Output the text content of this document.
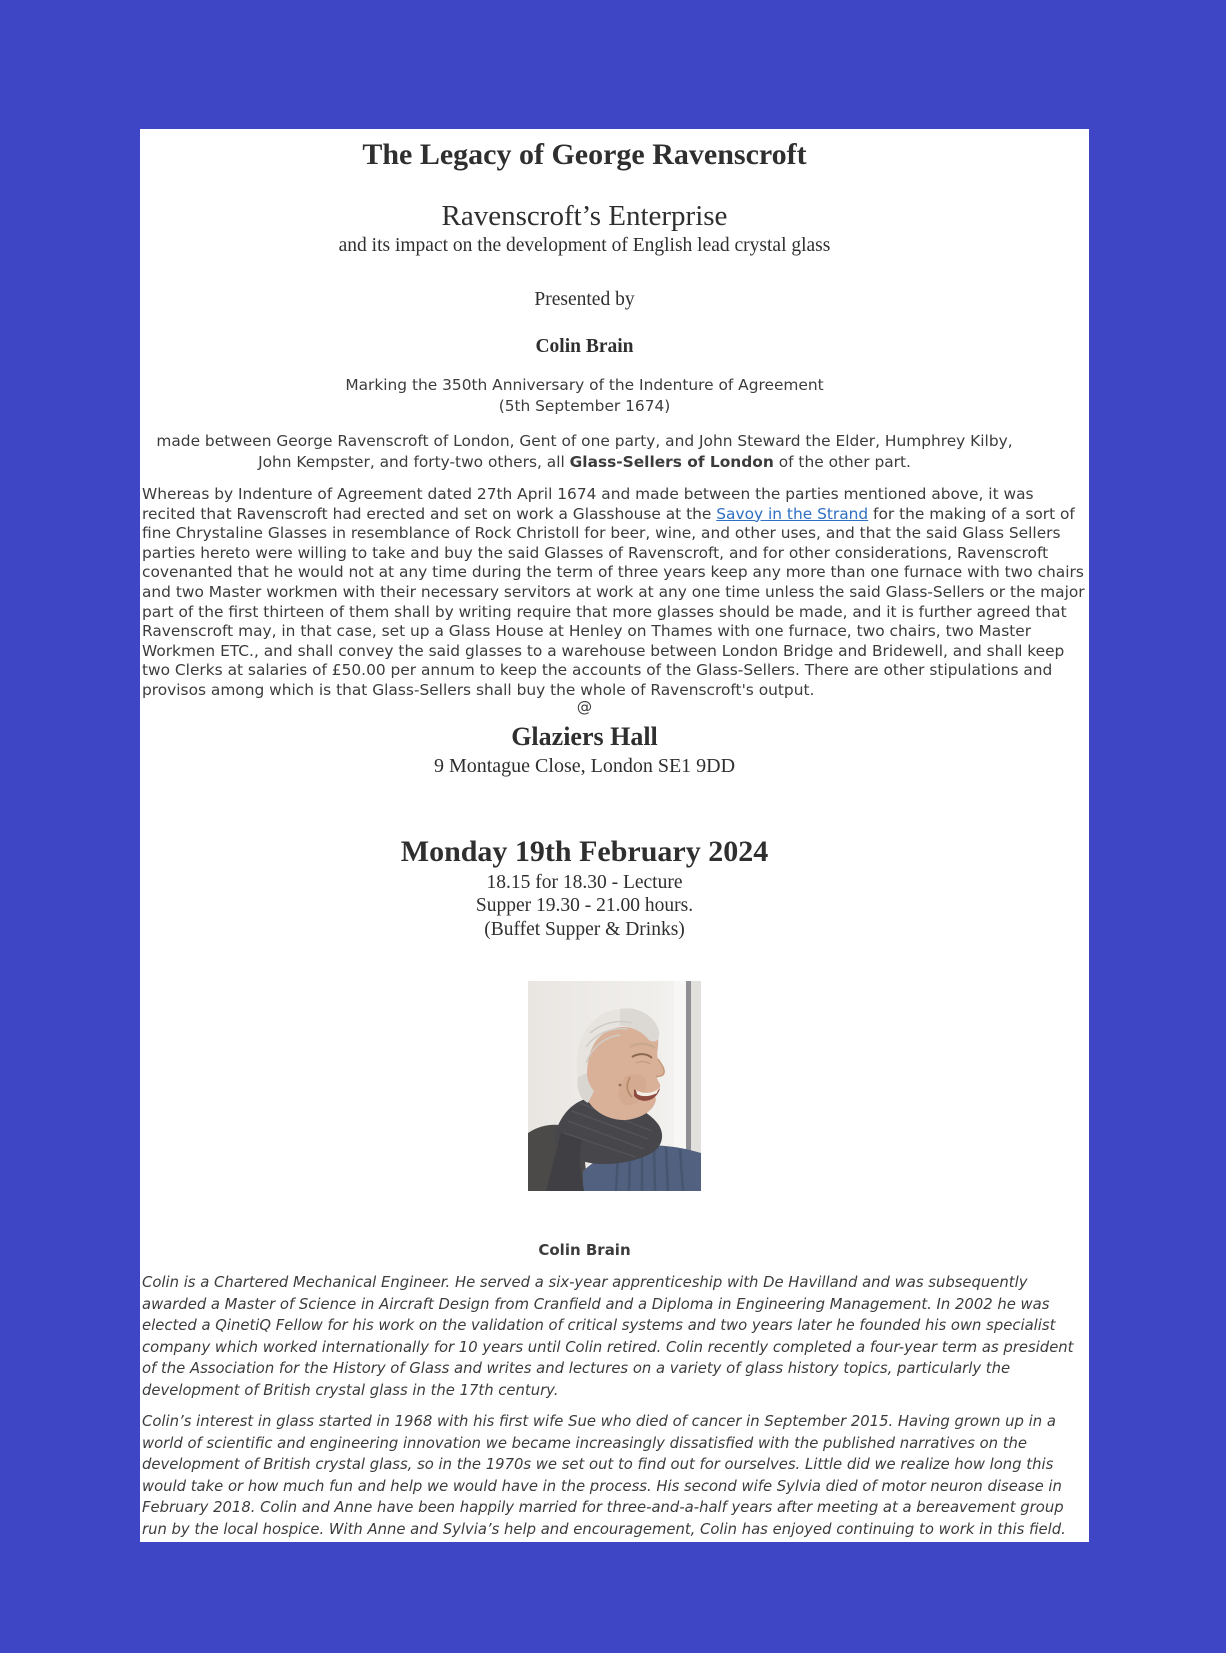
The Legacy of George Ravenscroft
Ravenscroft’s Enterprise
and its impact on the development of English lead crystal glass
Presented by
Colin Brain
Marking the 350th Anniversary of the Indenture of Agreement
(5th September 1674)

made between George Ravenscroft of London, Gent of one party, and John Steward the Elder, Humphrey Kilby, John Kempster, and forty-two others, all Glass-Sellers of London of the other part.

Whereas by Indenture of Agreement dated 27th April 1674 and made between the parties mentioned above, it was recited that Ravenscroft had erected and set on work a Glasshouse at the Savoy in the Strand for the making of a sort of fine Chrystaline Glasses in resemblance of Rock Christoll for beer, wine, and other uses, and that the said Glass Sellers parties hereto were willing to take and buy the said Glasses of Ravenscroft, and for other considerations, Ravenscroft covenanted that he would not at any time during the term of three years keep any more than one furnace with two chairs and two Master workmen with their necessary servitors at work at any one time unless the said Glass-Sellers or the major part of the first thirteen of them shall by writing require that more glasses should be made, and it is further agreed that Ravenscroft may, in that case, set up a Glass House at Henley on Thames with one furnace, two chairs, two Master Workmen ETC., and shall convey the said glasses to a warehouse between London Bridge and Bridewell, and shall keep two Clerks at salaries of £50.00 per annum to keep the accounts of the Glass-Sellers. There are other stipulations and provisos among which is that Glass-Sellers shall buy the whole of Ravenscroft's output.

@
Glaziers Hall
9 Montague Close, London SE1 9DD
Monday 19th February 2024
18.15 for 18.30 - Lecture
Supper 19.30 - 21.00 hours.
(Buffet Supper & Drinks)
Colin Brain

Colin is a Chartered Mechanical Engineer. He served a six-year apprenticeship with De Havilland and was subsequently awarded a Master of Science in Aircraft Design from Cranfield and a Diploma in Engineering Management. In 2002 he was elected a QinetiQ Fellow for his work on the validation of critical systems and two years later he founded his own specialist company which worked internationally for 10 years until Colin retired. Colin recently completed a four-year term as president of the Association for the History of Glass and writes and lectures on a variety of glass history topics, particularly the development of British crystal glass in the 17th century.

Colin’s interest in glass started in 1968 with his first wife Sue who died of cancer in September 2015. Having grown up in a world of scientific and engineering innovation we became increasingly dissatisfied with the published narratives on the development of British crystal glass, so in the 1970s we set out to find out for ourselves. Little did we realize how long this would take or how much fun and help we would have in the process. His second wife Sylvia died of motor neuron disease in February 2018. Colin and Anne have been happily married for three-and-a-half years after meeting at a bereavement group run by the local hospice. With Anne and Sylvia’s help and encouragement, Colin has enjoyed continuing to work in this field.
